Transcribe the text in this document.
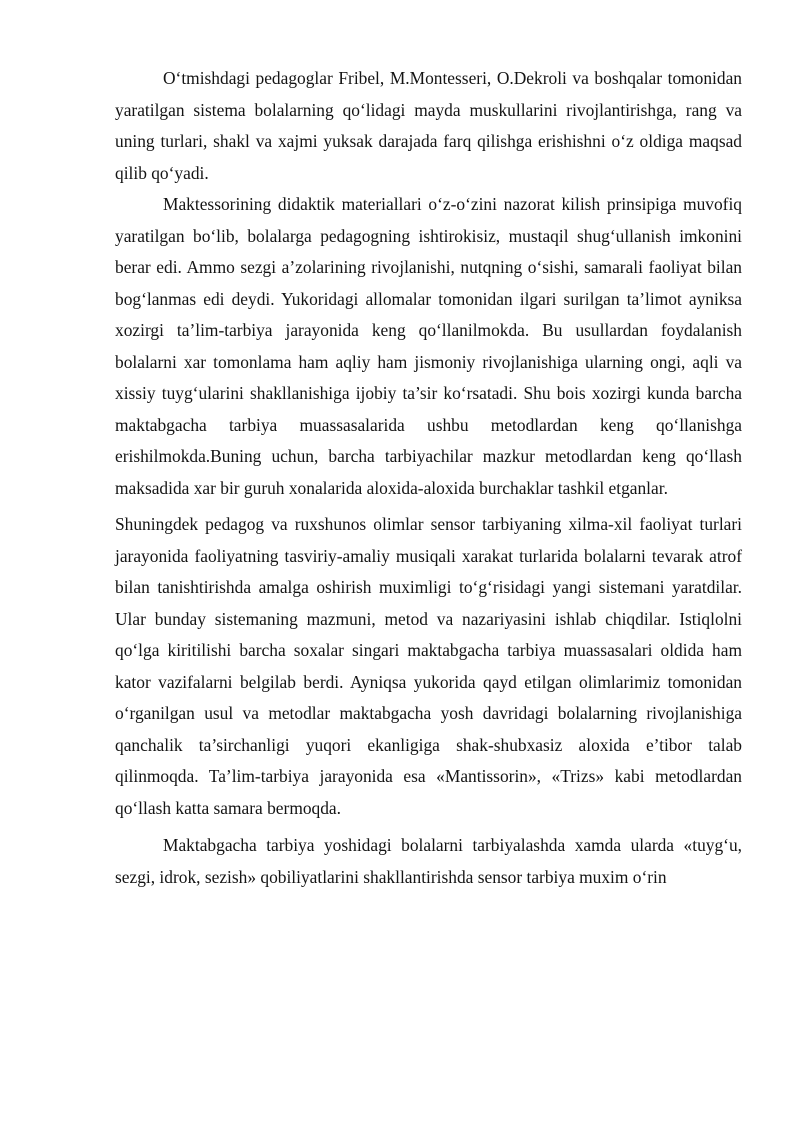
O‘tmishdagi pedagoglar Fribel, M.Montesseri, O.Dekroli va boshqalar tomonidan yaratilgan sistema bolalarning qo‘lidagi mayda muskullarini rivojlantirishga, rang va uning turlari, shakl va xajmi yuksak darajada farq qilishga erishishni o‘z oldiga maqsad qilib qo‘yadi.

Maktessorining didaktik materiallari o‘z-o‘zini nazorat kilish prinsipiga muvofiq yaratilgan bo‘lib, bolalarga pedagogning ishtirokisiz, mustaqil shug‘ullanish imkonini berar edi. Ammo sezgi a’zolarining rivojlanishi, nutqning o‘sishi, samarali faoliyat bilan bog‘lanmas edi deydi. Yukoridagi allomalar tomonidan ilgari surilgan ta’limot ayniksa xozirgi ta’lim-tarbiya jarayonida keng qo‘llanilmokda. Bu usullardan foydalanish bolalarni xar tomonlama ham aqliy ham jismoniy rivojlanishiga ularning ongi, aqli va xissiy tuyg‘ularini shakllanishiga ijobiy ta’sir ko‘rsatadi. Shu bois xozirgi kunda barcha maktabgacha tarbiya muassasalarida ushbu metodlardan keng qo‘llanishga erishilmokda.Buning uchun, barcha tarbiyachilar mazkur metodlardan keng qo‘llash maksadida xar bir guruh xonalarida aloxida-aloxida burchaklar tashkil etganlar.

Shuningdek pedagog va ruxshunos olimlar sensor tarbiyaning xilma-xil faoliyat turlari jarayonida faoliyatning tasviriy-amaliy musiqali xarakat turlarida bolalarni tevarak atrof bilan tanishtirishda amalga oshirish muximligi to‘g‘risidagi yangi sistemani yaratdilar. Ular bunday sistemaning mazmuni, metod va nazariyasini ishlab chiqdilar. Istiqlolni qo‘lga kiritilishi barcha soxalar singari maktabgacha tarbiya muassasalari oldida ham kator vazifalarni belgilab berdi. Ayniqsa yukorida qayd etilgan olimlarimiz tomonidan o‘rganilgan usul va metodlar maktabgacha yosh davridagi bolalarning rivojlanishiga qanchalik ta’sirchanligi yuqori ekanligiga shak-shubxasiz aloxida e’tibor talab qilinmoqda. Ta’lim-tarbiya jarayonida esa «Mantissorin», «Trizs» kabi metodlardan qo‘llash katta samara bermoqda.

Maktabgacha tarbiya yoshidagi bolalarni tarbiyalashda xamda ularda «tuyg‘u, sezgi, idrok, sezish» qobiliyatlarini shakllantirishda sensor tarbiya muxim o‘rin
